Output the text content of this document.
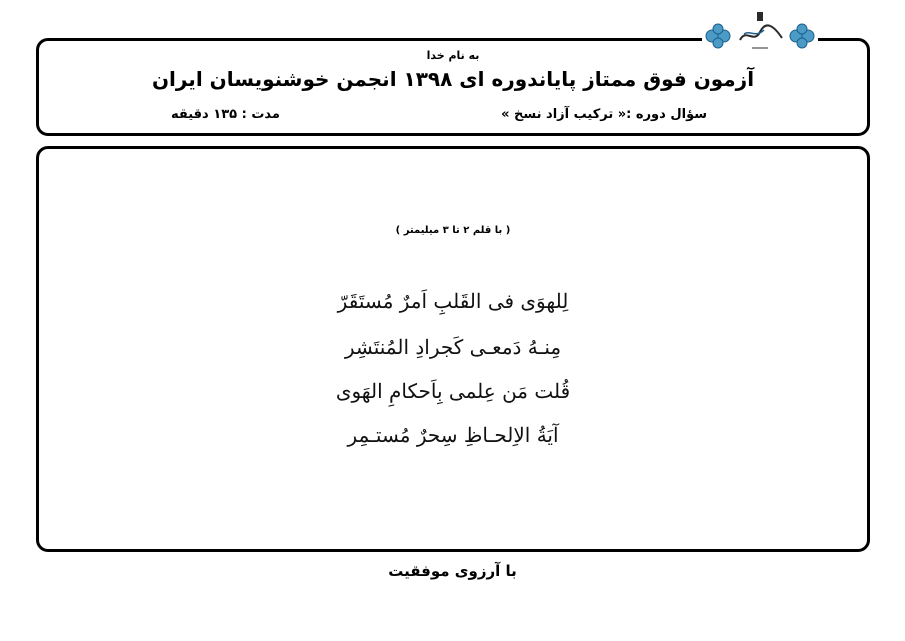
به نام خدا
آزمون فوق ممتاز پایاندوره ای ۱۳۹۸ انجمن خوشنویسان ایران
سؤال دوره :« ترکیب آزاد نسخ »
مدت : ۱۳۵ دقیقه
( با قلم ۲ تا ۳ میلیمتر )
لِلهوَی فی القَلبِ اَمرٌ مُستَقَرّ
مِنـهُ دَمعـی کَجرادِ المُنتَشِر
قُلت مَن عِلمی بِاَحکامِ الهَوی
آیَةُ الاِلحـاظِ سِحرٌ مُستـمِر
با آرزوی موفقیت
